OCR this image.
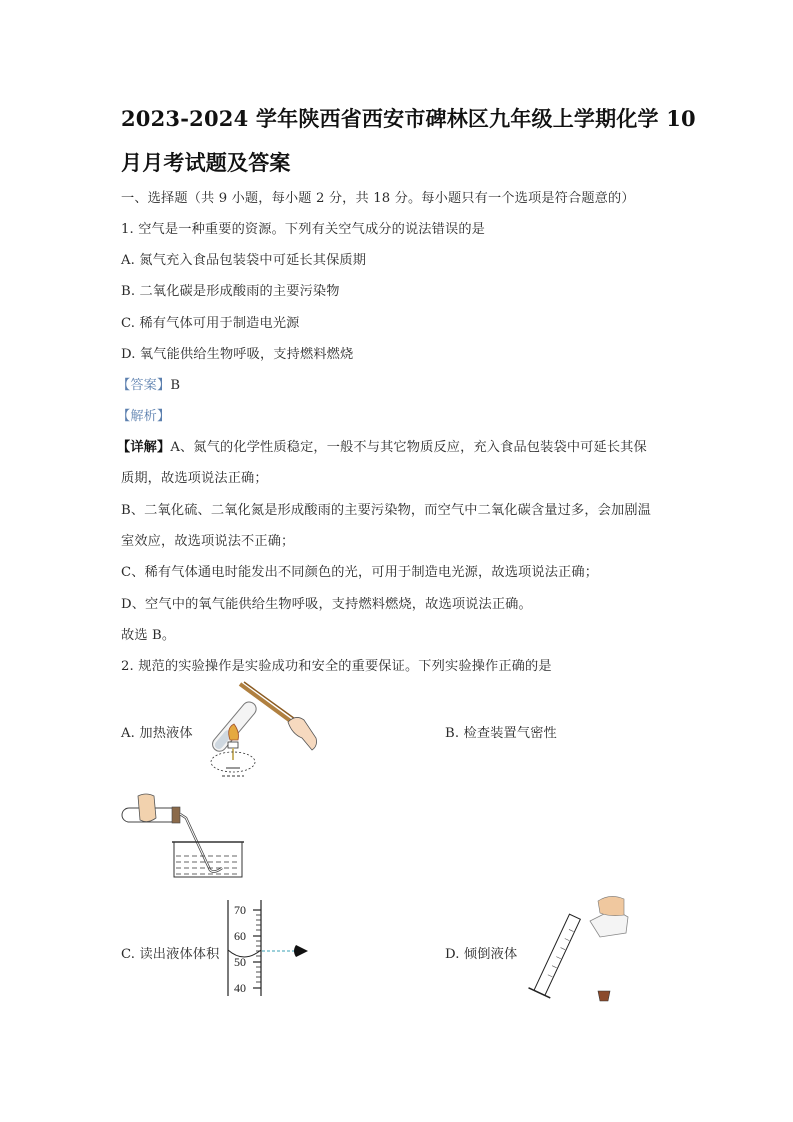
2023-2024 学年陕西省西安市碑林区九年级上学期化学 10
月月考试题及答案
一、选择题（共 9 小题，每小题 2 分，共 18 分。每小题只有一个选项是符合题意的）
1. 空气是一种重要的资源。下列有关空气成分的说法错误的是
A. 氮气充入食品包装袋中可延长其保质期
B. 二氧化碳是形成酸雨的主要污染物
C. 稀有气体可用于制造电光源
D. 氧气能供给生物呼吸，支持燃料燃烧
【答案】B
【解析】
【详解】A、氮气的化学性质稳定，一般不与其它物质反应，充入食品包装袋中可延长其保
质期，故选项说法正确；
B、二氧化硫、二氧化氮是形成酸雨的主要污染物，而空气中二氧化碳含量过多，会加剧温
室效应，故选项说法不正确；
C、稀有气体通电时能发出不同颜色的光，可用于制造电光源，故选项说法正确；
D、空气中的氧气能供给生物呼吸，支持燃料燃烧，故选项说法正确。
故选 B。
2. 规范的实验操作是实验成功和安全的重要保证。下列实验操作正确的是
A. 加热液体	B. 检查装置气密性
C. 读出液体体积
70
60
50
40
D. 倾倒液体
